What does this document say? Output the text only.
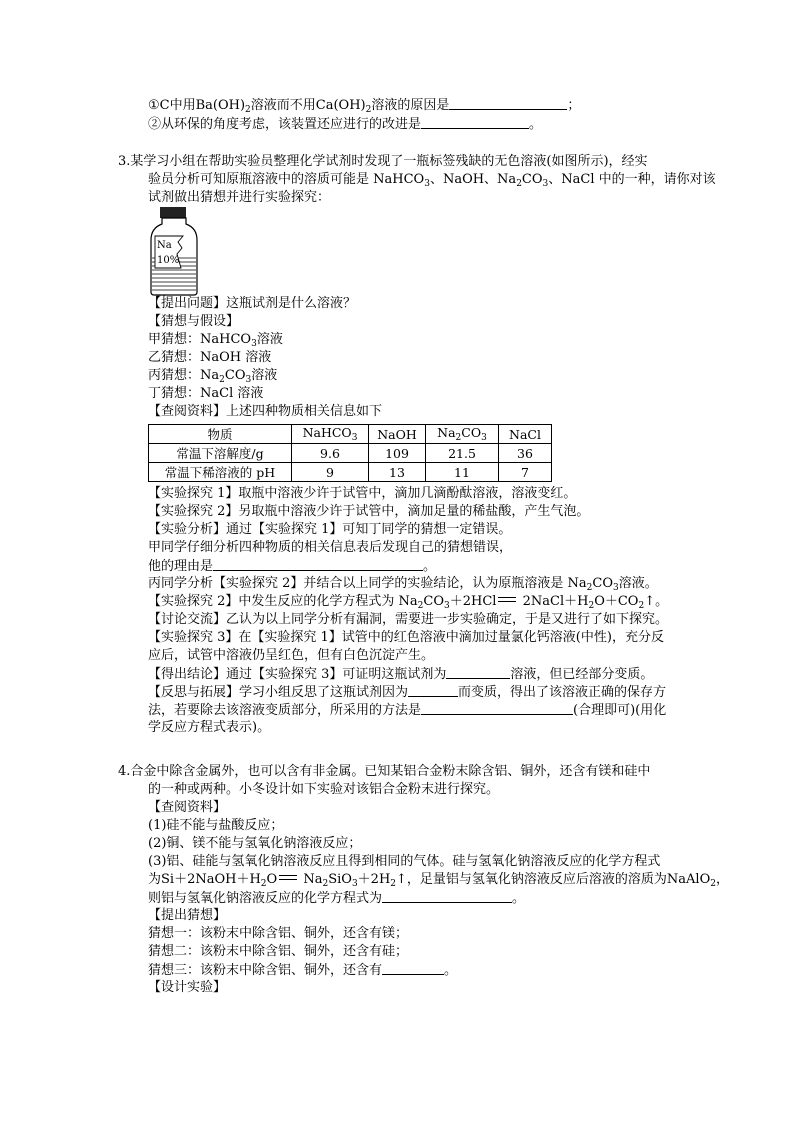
①C中用$Ba(OH)_2$溶液而不用$Ca(OH)_2$溶液的原因是	；
②从环保的角度考虑，该装置还应进行的改进是	。
3.某学习小组在帮助实验员整理化学试剂时发现了一瓶标签残缺的无色溶液(如图所示)，经实
验员分析可知原瓶溶液中的溶质可能是 NaHCO$_3$、NaOH、$Na_2CO_3$、NaCl 中的一种，请你对该
试剂做出猜想并进行实验探究：
Na
10%
【提出问题】这瓶试剂是什么溶液？
【猜想与假设】
甲猜想：NaHCO$_3$溶液
乙猜想：NaOH 溶液
丙猜想：$Na_2CO_3$溶液
丁猜想：NaCl 溶液
【查阅资料】上述四种物质相关信息如下
物质	NaHCO$_3$	NaOH	$Na_2CO_3$	NaCl
常温下溶解度/g	9.6	109	21.5	36
常温下稀溶液的 pH	9	13	11	7
【实验探究 1】取瓶中溶液少许于试管中，滴加几滴酚酞溶液，溶液变红。
【实验探究 2】另取瓶中溶液少许于试管中，滴加足量的稀盐酸，产生气泡。
【实验分析】通过【实验探究 1】可知丁同学的猜想一定错误。
甲同学仔细分析四种物质的相关信息表后发现自己的猜想错误，
他的理由是	。
丙同学分析【实验探究 2】并结合以上同学的实验结论，认为原瓶溶液是 $Na_2CO_3$溶液。
【实验探究 2】中发生反应的化学方程式为 $Na_2CO_3+2HCl$ $2NaCl+H_2O+CO_2↑$。
【讨论交流】乙认为以上同学分析有漏洞，需要进一步实验确定，于是又进行了如下探究。
【实验探究 3】在【实验探究 1】试管中的红色溶液中滴加过量氯化钙溶液(中性)，充分反
应后，试管中溶液仍呈红色，但有白色沉淀产生。
【得出结论】通过【实验探究 3】可证明这瓶试剂为	溶液，但已经部分变质。
【反思与拓展】学习小组反思了这瓶试剂因为	而变质，得出了该溶液正确的保存方
法，若要除去该溶液变质部分，所采用的方法是	(合理即可)(用化
学反应方程式表示)。
4.合金中除含金属外，也可以含有非金属。已知某铝合金粉末除含铝、铜外，还含有镁和硅中
的一种或两种。小冬设计如下实验对该铝合金粉末进行探究。
【查阅资料】
(1)硅不能与盐酸反应；
(2)铜、镁不能与氢氧化钠溶液反应；
(3)铝、硅能与氢氧化钠溶液反应且得到相同的气体。硅与氢氧化钠溶液反应的化学方程式
为$Si+2NaOH+H_2O$ $Na_2SiO_3+2H_2↑$，足量铝与氢氧化钠溶液反应后溶液的溶质为NaAlO$_2$，
则铝与氢氧化钠溶液反应的化学方程式为	。
【提出猜想】
猜想一：该粉末中除含铝、铜外，还含有镁；
猜想二：该粉末中除含铝、铜外，还含有硅；
猜想三：该粉末中除含铝、铜外，还含有	。
【设计实验】
